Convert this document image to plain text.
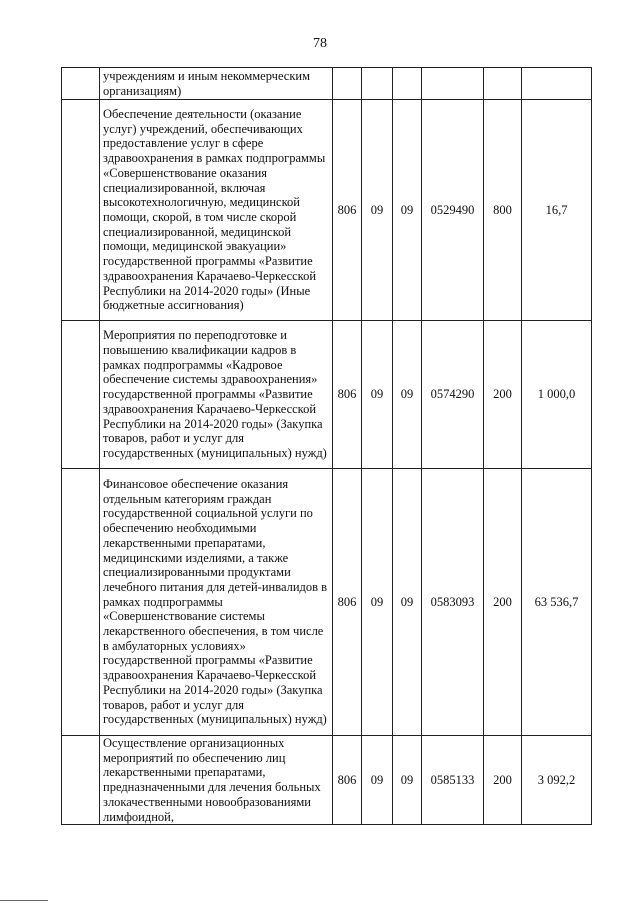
78
	учреждениям и иным некоммерческим организациям)						
	Обеспечение деятельности (оказание услуг) учреждений, обеспечивающих предоставление услуг в сфере здравоохранения в рамках подпрограммы «Совершенствование оказания специализированной, включая высокотехнологичную, медицинской помощи, скорой, в том числе скорой специализированной, медицинской помощи, медицинской эвакуации» государственной программы «Развитие здравоохранения Карачаево-Черкесской Республики на 2014-2020 годы» (Иные бюджетные ассигнования)	806	09	09	0529490	800	16,7
	Мероприятия по переподготовке и повышению квалификации кадров в рамках подпрограммы «Кадровое обеспечение системы здравоохранения» государственной программы «Развитие здравоохранения Карачаево-Черкесской Республики на 2014-2020 годы» (Закупка товаров, работ и услуг для государственных (муниципальных) нужд)	806	09	09	0574290	200	1 000,0
	Финансовое обеспечение оказания отдельным категориям граждан государственной социальной услуги по обеспечению необходимыми лекарственными препаратами, медицинскими изделиями, а также специализированными продуктами лечебного питания для детей-инвалидов в рамках подпрограммы «Совершенствование системы лекарственного обеспечения, в том числе в амбулаторных условиях» государственной программы «Развитие здравоохранения Карачаево-Черкесской Республики на 2014-2020 годы» (Закупка товаров, работ и услуг для государственных (муниципальных) нужд)	806	09	09	0583093	200	63 536,7
	Осуществление организационных мероприятий по обеспечению лиц лекарственными препаратами, предназначенными для лечения больных злокачественными новообразованиями лимфоидной,	806	09	09	0585133	200	3 092,2
